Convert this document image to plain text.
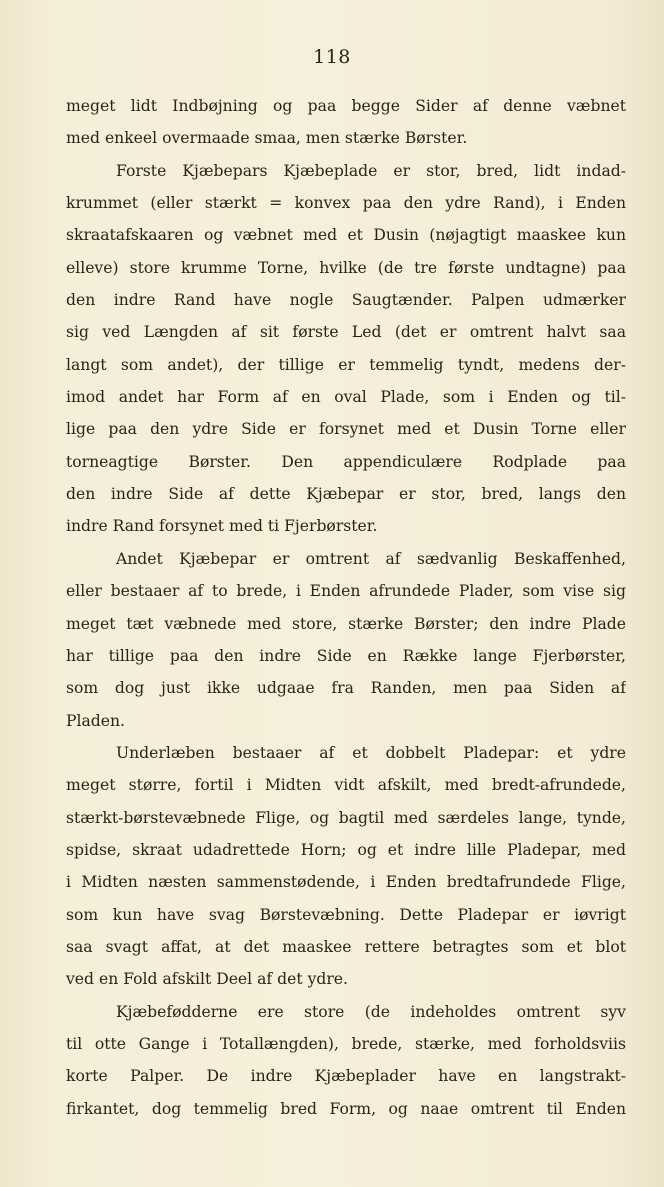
118
meget lidt Indbøjning og paa begge Sider af denne væbnet
med enkeel overmaade smaa, men stærke Børster.
Forste Kjæbepars Kjæbeplade er stor, bred, lidt indad-
krummet (eller stærkt = konvex paa den ydre Rand), i Enden
skraatafskaaren og væbnet med et Dusin (nøjagtigt maaskee kun
elleve) store krumme Torne, hvilke (de tre første undtagne) paa
den indre Rand have nogle Saugtænder. Palpen udmærker
sig ved Længden af sit første Led (det er omtrent halvt saa
langt som andet), der tillige er temmelig tyndt, medens der-
imod andet har Form af en oval Plade, som i Enden og til-
lige paa den ydre Side er forsynet med et Dusin Torne eller
torneagtige Børster. Den appendiculære Rodplade paa
den indre Side af dette Kjæbepar er stor, bred, langs den
indre Rand forsynet med ti Fjerbørster.
Andet Kjæbepar er omtrent af sædvanlig Beskaffenhed,
eller bestaaer af to brede, i Enden afrundede Plader, som vise sig
meget tæt væbnede med store, stærke Børster; den indre Plade
har tillige paa den indre Side en Række lange Fjerbørster,
som dog just ikke udgaae fra Randen, men paa Siden af
Pladen.
Underlæben bestaaer af et dobbelt Pladepar: et ydre
meget større, fortil i Midten vidt afskilt, med bredt-afrundede,
stærkt-børstevæbnede Flige, og bagtil med særdeles lange, tynde,
spidse, skraat udadrettede Horn; og et indre lille Pladepar, med
i Midten næsten sammenstødende, i Enden bredtafrundede Flige,
som kun have svag Børstevæbning. Dette Pladepar er iøvrigt
saa svagt affat, at det maaskee rettere betragtes som et blot
ved en Fold afskilt Deel af det ydre.
Kjæbefødderne ere store (de indeholdes omtrent syv
til otte Gange i Totallængden), brede, stærke, med forholdsviis
korte Palper. De indre Kjæbeplader have en langstrakt-
firkantet, dog temmelig bred Form, og naae omtrent til Enden
